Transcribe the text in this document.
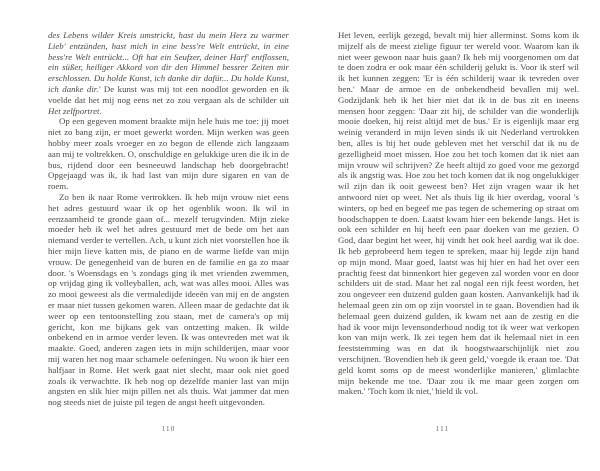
des Lebens wilder Kreis umstrickt, hast du mein Herz zu warmer Lieb' entzünden, hast mich in eine bess're Welt entrückt, in eine bess're Welt entrückt... Oft hat ein Seufzer, deiner Harf' entflossen, ein süßer, heiliger Akkord von dir den Himmel bessrer Zeiten mir erschlossen. Du holde Kunst, ich danke dir dafür... Du holde Kunst, ich danke dir.' De kunst was mij tot een noodlot geworden en ik voelde dat het mij nog eens net zo zou vergaan als de schilder uit Het zelfportret.

Op een gegeven moment braakte mijn hele huis me toe: jij moet niet zo bang zijn, er moet gewerkt worden. Mijn werken was geen hobby meer zoals vroeger en zo begon de ellende zich langzaam aan mij te voltrekken. O, onschuldige en gelukkige uren die ik in de bus, rijdend door een besneeuwd landschap heb doorgebracht! Opgejaagd was ik, ik had last van mijn dure sigaren en van de roem.

Zo ben ik naar Rome vertrokken. Ik heb mijn vrouw niet eens het adres gestuurd waar ik op het ogenblik woon. Ik wil in eenzaamheid te gronde gaan of... mezelf terugvinden. Mijn zieke moeder heb ik wel het adres gestuurd met de bede om het aan niemand verder te vertellen. Ach, u kunt zich niet voorstellen hoe ik hier mijn lieve katten mis, de piano en de warme liefde van mijn vrouw. De genegenheid van de buren en de familie en ga zo maar door. 's Woensdags en 's zondags ging ik met vrienden zwemmen, op vrijdag ging ik volleyballen, ach, wat was alles mooi. Alles was zo mooi geweest als die vermaledijde ideeën van mij en de angsten er maar niet tussen gekomen waren. Alleen maar de gedachte dat ik weer op een tentoonstelling zou staan, met de camera's op mij gericht, kon me bijkans gek van ontzetting maken. Ik wilde onbekend en in armoe verder leven. Ik was ontevreden met wat ik maakte. Goed, anderen zagen iets in mijn schilderijen, maar voor mij waren het nog maar schamele oefeningen. Nu woon ik hier een halfjaar in Rome. Het werk gaat niet slecht, maar ook niet goed zoals ik verwachtte. Ik heb nog op dezelfde manier last van mijn angsten en slik hier mijn pillen net als thuis. Wat jammer dat men nog steeds niet de juiste pil tegen de angst heeft uitgevonden.

Het leven, eerlijk gezegd, bevalt mij hier allerminst. Soms kom ik mijzelf als de meest zielige figuur ter wereld voor. Waarom kan ik niet weer gewoon naar huis gaan? Ik heb mij voorgenomen om dat te doen zodra er ook maar één schilderij gelukt is. Voor ik sterf wil ik het kunnen zeggen: 'Er is één schilderij waar ik tevreden over ben.' Maar de armoe en de onbekendheid bevallen mij wel. Godzijdank heb ik het hier niet dat ik in de bus zit en ineens mensen hoor zeggen: 'Daar zit hij, de schilder van die wonderlijk mooie doeken, hij reist altijd met de bus.' Er is eigenlijk maar erg weinig veranderd in mijn leven sinds ik uit Nederland vertrokken ben, alles is bij het oude gebleven met het verschil dat ik nu de gezelligheid moet missen. Hoe zou het toch komen dat ik niet aan mijn vrouw wil schrijven? Ze heeft altijd zo goed voor me gezorgd als ik angstig was. Hoe zou het toch komen dat ik nog ongelukkiger wil zijn dan ik ooit geweest ben? Het zijn vragen waar ik het antwoord niet op weet. Net als thuis lig ik hier overdag, vooral 's winters, op bed en begeef me pas tegen de schemering op straat om boodschappen te doen. Laatst kwam hier een bekende langs. Het is ook een schilder en hij heeft een paar doeken van me gezien. O God, daar begint het weer, hij vindt het ook heel aardig wat ik doe. Ik heb geprobeerd hem tegen te spreken, maar hij legde zijn hand op mijn mond. Maar goed, laatst was hij hier en had het over een prachtig feest dat binnenkort hier gegeven zal worden voor en door schilders uit de stad. Maar het zal nogal een rijk feest worden, het zou ongeveer een duizend gulden gaan kosten. Aanvankelijk had ik helemaal geen zin om op zijn voorstel in te gaan. Bovendien had ik helemaal geen duizend gulden, ik kwam net aan de zestig en die had ik voor mijn levensonderhoud nodig tot ik weer wat verkopen kon van mijn werk. Ik zei tegen hem dat ik helemaal niet in een feeststemming was en dat ik hoogstwaarschijnlijk niet zou verschijnen. 'Bovendien heb ik geen geld,' voegde ik eraan toe. 'Dat geld komt soms op de meest wonderlijke manieren,' glimlachte mijn bekende me toe. 'Daar zou ik me maar geen zorgen om maken.' 'Toch kom ik niet,' hield ik vol.

110	111
